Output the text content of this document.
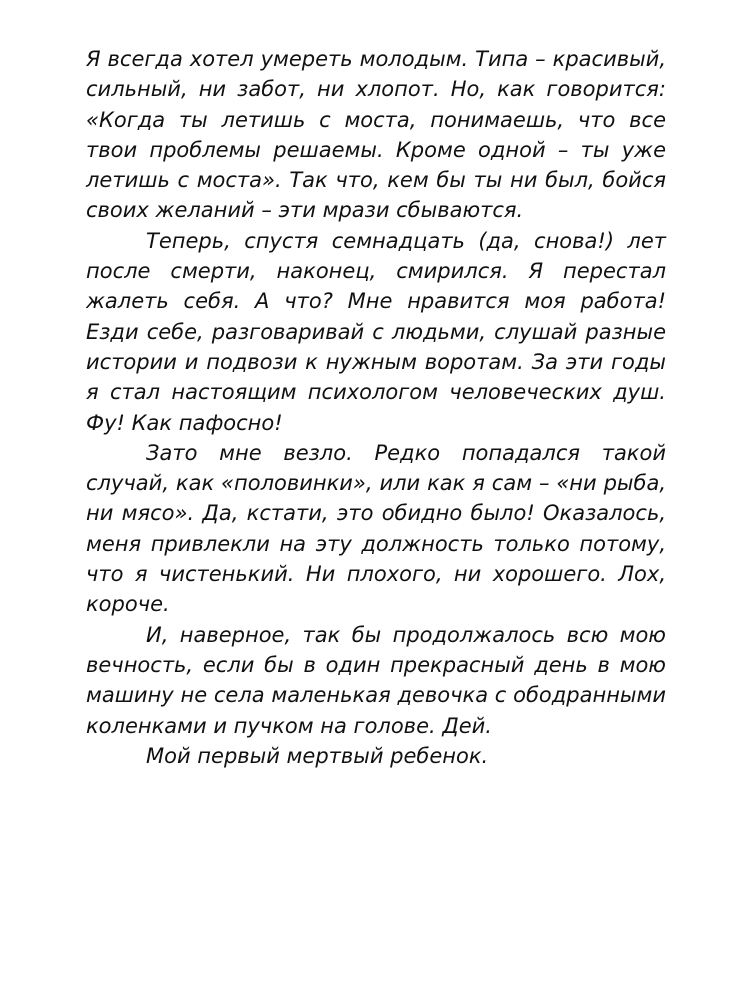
Я всегда хотел умереть молодым. Типа – красивый, сильный, ни забот, ни хлопот. Но, как говорится: «Когда ты летишь с моста, понимаешь, что все твои проблемы решаемы. Кроме одной – ты уже летишь с моста». Так что, кем бы ты ни был, бойся своих желаний – эти мрази сбываются.

Теперь, спустя семнадцать (да, снова!) лет после смерти, наконец, смирился. Я перестал жалеть себя. А что? Мне нравится моя работа! Езди себе, разговаривай с людьми, слушай разные истории и подвози к нужным воротам. За эти годы я стал настоящим психологом человеческих душ. Фу! Как пафосно!

Зато мне везло. Редко попадался такой случай, как «половинки», или как я сам – «ни рыба, ни мясо». Да, кстати, это обидно было! Оказалось, меня привлекли на эту должность только потому, что я чистенький. Ни плохого, ни хорошего. Лох, короче.

И, наверное, так бы продолжалось всю мою вечность, если бы в один прекрасный день в мою машину не села маленькая девочка с ободранными коленками и пучком на голове. Дей.

Мой первый мертвый ребенок.
